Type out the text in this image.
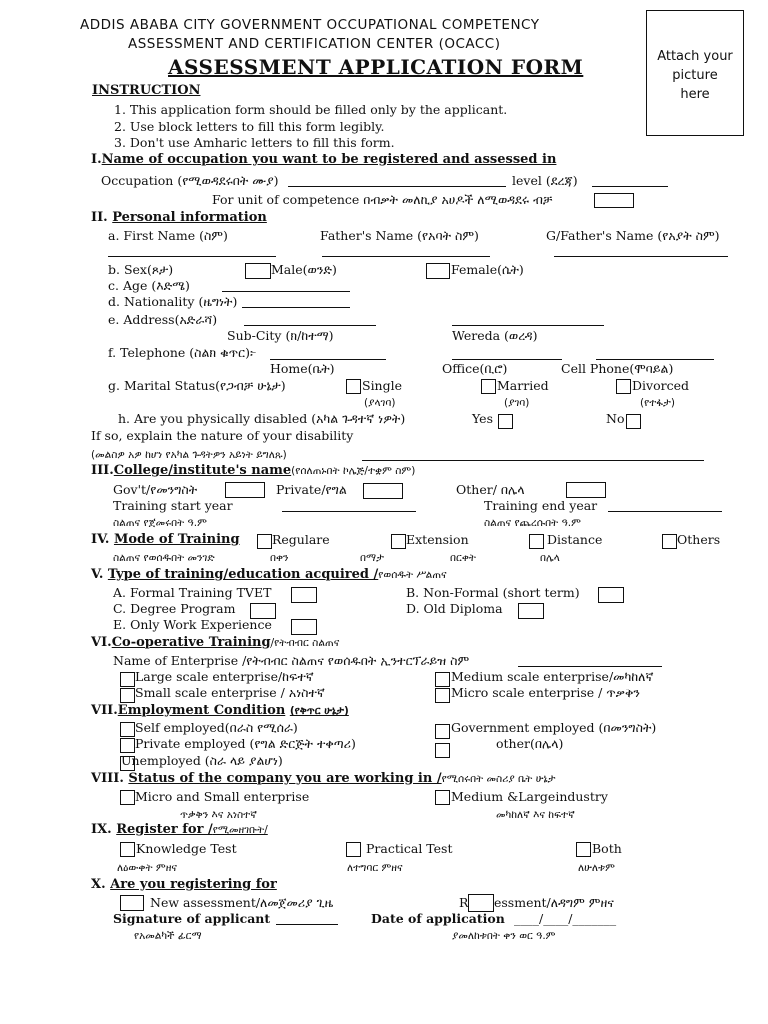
ADDIS ABABA CITY GOVERNMENT OCCUPATIONAL COMPETENCY
ASSESSMENT AND CERTIFICATION CENTER (OCACC)
ASSESSMENT APPLICATION FORM	Attach your
picture
here
INSTRUCTION
1. This application form should be filled only by the applicant.
2. Use block letters to fill this form legibly.
3. Don't use Amharic letters to fill this form.
I.Name of occupation you want to be registered and assessed in
Occupation (የሚወዳደሩበት ሙያ)	level (ደረጃ)
For unit of competence በብቃት መለኪያ አሀዶች ለሚወዳደሩ ብቻ
II. Personal information
a. First Name (ስም)	Father's Name (የአባት ስም)	G/Father's Name (የአያት ስም)
b. Sex(ጾታ)	Male(ወንድ)	Female(ሴት)
c. Age (እድሜ)
d. Nationality (ዜግነት)
e. Address(አድራሻ)
Sub-City (ክ/ከተማ)	Wereda (ወረዳ)
f. Telephone (ስልክ ቁጥር)፦
Home(ቤት)	Office(ቢሮ)	Cell Phone(ሞባይል)
g. Marital Status(የጋብቻ ሁኔታ)	Single	Married	Divorced
(ያላገባ)	(ያገባ)	(የተፋታ)
h. Are you physically disabled (አካል ጉዳተኛ ነዎት)	Yes	No
If so, explain the nature of your disability
(መልስዎ አዎ ከሆነ የአካል ጉዳትዎን አይነት ይግለጹ)
III.College/institute's name(የሰለጠኑበት ኮሌጅ/ተቋም ስም)
Gov't/የመንግስት	Private/የግል	Other/ በሌላ
Training start year	Training end year
ስልጠና የጀመሩበት ዓ.ም	ስልጠና የጨረሱበት ዓ.ም
IV. Mode of Training	Regulare	Extension	Distance	Others
ስልጠና የወሰዱበት መንገድ	በቀን	በማታ	በርቀት	በሌላ
V. Type of training/education acquired /የወሰዱት ሥልጠና
A. Formal Training TVET	B. Non-Formal (short term)
C. Degree Program	D. Old Diploma
E. Only Work Experience
VI.Co-operative Training/የትብብር ስልጠና
Name of Enterprise /የትብብር ስልጠና የወሰዱበት ኢንተርፕራይዝ ስም
Large scale enterprise/ከፍተኛ	Medium scale enterprise/መካከለኛ
Small scale enterprise / አነስተኛ	Micro scale enterprise / ጥቃቅን
VII.Employment Condition (የቅጥር ሁኔታ)
Self employed(በራስ የሚሰራ)	Government employed (በመንግስት)
Private employed (የግል ድርጅት ተቀጣሪ)	other(በሌላ)
Unemployed (ስራ ላይ ያልሆነ)
VIII. Status of the company you are working in /የሚሰሩበት መስሪያ ቤት ሁኔታ
Micro and Small enterprise	Medium &Largeindustry
ጥቃቅን እና አነስተኛ	መካከለኛ እና ከፍተኛ
IX. Register for /የሚመዘገቡት/
Knowledge Test	Practical Test	Both
ለዕውቀት ምዘና	ለተግባር ምዘና	ለሁለቱም
X. Are you registering for
New assessment/ለመጀመሪያ ጊዜ	R essment/ለዳግም ምዘና
Signature of applicant	Date of application ____/____/_______
የአመልካች ፊርማ	ያመለከቱበት ቀን ወር ዓ.ም
